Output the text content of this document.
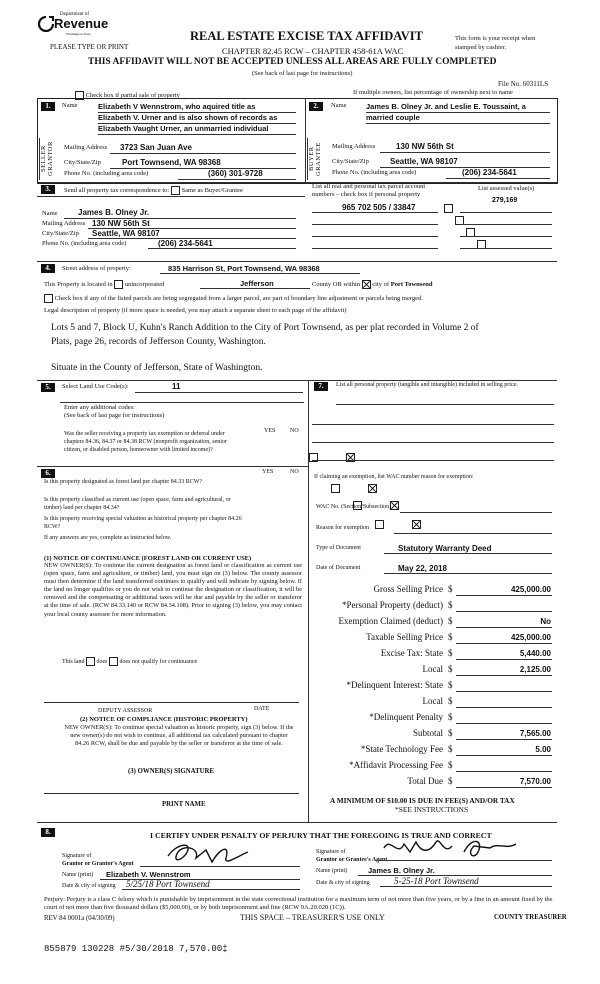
Department of
Revenue
Washington State
PLEASE TYPE OR PRINT
REAL ESTATE EXCISE TAX AFFIDAVIT
CHAPTER 82.45 RCW – CHAPTER 458-61A WAC
THIS AFFIDAVIT WILL NOT BE ACCEPTED UNLESS ALL AREAS ARE FULLY COMPLETED
(See back of last page for instructions)
This form is your receipt when stamped by cashier.
File No. 60311LS
Check box if partial sale of property	If multiple owners, list percentage of ownership next to name
1.
SELLER GRANTOR
Name	Elizabeth V Wennstrom, who aquired title as
Elizabeth V. Urner and is also shown of records as
Elizabeth Vaught Urner, an unmarried individual
Mailing Address 3723 San Juan Ave
City/State/Zip	Port Townsend, WA 98368
Phone No. (including area code)	(360) 301-9728
2.
BUYER GRANTEE
Name	James B. Olney Jr. and Leslie E. Toussaint, a
married couple
Mailing Address	130 NW 56th St
City/State/Zip	Seattle, WA 98107
Phone No. (including area code)	(206) 234-5641
3.	Send all property tax correspondence to: Same as Buyer/Grantee
Name	James B. Olney Jr.
Mailing Address 130 NW 56th St
City/State/Zip Seattle, WA 98107
Phone No. (including area code)	(206) 234-5641
List all real and personal tax parcel account
numbers – check box if personal property
List assessed value(s)
279,169
965 702 505 / 33847

4.	Street address of property:	835 Harrison St, Port Townsend, WA 98368
This Property is located in unincorporated	Jefferson	County OR within city of Port Townsend
Check box if any of the listed parcels are being segregated from a larger parcel, are part of boundary line adjustment or parcels being merged.
Legal description of property (if more space is needed, you may attach a separate sheet to each page of the affidavit)
Lots 5 and 7, Block U, Kuhn's Ranch Addition to the City of Port Townsend, as per plat recorded in Volume 2 of
Plats, page 26, records of Jefferson County, Washington.
Situate in the County of Jefferson, State of Washington.
5.	Select Land Use Code(s):	11
Enter any additional codes:
(See back of last page for instructions)
YES NO
Was the seller receiving a property tax exemption or deferral under chapters 84.36, 84.37 or 84.38 RCW (nonprofit organization, senior citizen, or disabled person, homeowner with limited income)?

6.	YES	NO
Is this property designated as forest land per chapter 84.33 RCW?

Is this property classified as current use (open space, farm and agricultural, or timber) land per chapter 84.34?

Is this property receiving special valuation as historical property per chapter 84.26 RCW?

If any answers are yes, complete as instructed below.
(1) NOTICE OF CONTINUANCE (FOREST LAND OR CURRENT USE)
NEW OWNER(S): To continue the current designation as forest land or classification as current use (open space, farm and agriculture, or timber) land, you must sign on (3) below. The county assessor must then determine if the land transferred continues to qualify and will indicate by signing below. If the land no longer qualifies or you do not wish to continue the designation or classification, it will be removed and the compensating or additional taxes will be due and payable by the seller or transferor at the time of sale. (RCW 84.33.140 or RCW 84.34.108). Prior to signing (3) below, you may contact your local county assessor for more information.
This land does does not qualify for continuance
DEPUTY ASSESSOR	DATE
(2) NOTICE OF COMPLIANCE (HISTORIC PROPERTY)
NEW OWNER(S): To continue special valuation as historic property, sign (3) below. If the new owner(s) do not wish to continue, all additional tax calculated pursuant to chapter 84.26 RCW, shall be due and payable by the seller or transferor at the time of sale.
(3) OWNER(S) SIGNATURE
PRINT NAME
7.	List all personal property (tangible and intangible) included in selling price.
If claiming an exemption, list WAC number reason for exemption:
WAC No. (Section/Subsection)
Reason for exemption
Type of Document	Statutory Warranty Deed
Date of Document	May 22, 2018
Gross Selling Price $	425,000.00
*Personal Property (deduct) $
Exemption Claimed (deduct) $	No
Taxable Selling Price $	425,000.00
Excise Tax: State $	5,440.00
Local $	2,125.00
*Delinquent Interest: State $
Local $
*Delinquent Penalty $
Subtotal $	7,565.00
*State Technology Fee $	5.00
*Affidavit Processing Fee $
Total Due $	7,570.00
A MINIMUM OF $10.00 IS DUE IN FEE(S) AND/OR TAX
*SEE INSTRUCTIONS
8.	I CERTIFY UNDER PENALTY OF PERJURY THAT THE FOREGOING IS TRUE AND CORRECT
Signature of
Grantor or Grantor's Agent
Name (print) Elizabeth V. Wennstrom
Date & city of signing 5/25/18 Port Townsend
Signature of
Grantor or Grantee's Agent
Name (print)	James B. Olney Jr.
Date & city of signing	5-25-18 Port Townsend
Perjury: Perjury is a class C felony which is punishable by imprisonment in the state correctional institution for a maximum term of not more than five years, or by a fine in an amount fixed by the court of not more than five thousand dollars ($5,000.00), or by both imprisonment and fine (RCW 9A.20.020 (1C)).
REV 84 0001a (04/30/09)	THIS SPACE – TREASURER'S USE ONLY	COUNTY TREASURER
855879 130228 #5/30/2018 7,570.00‡
